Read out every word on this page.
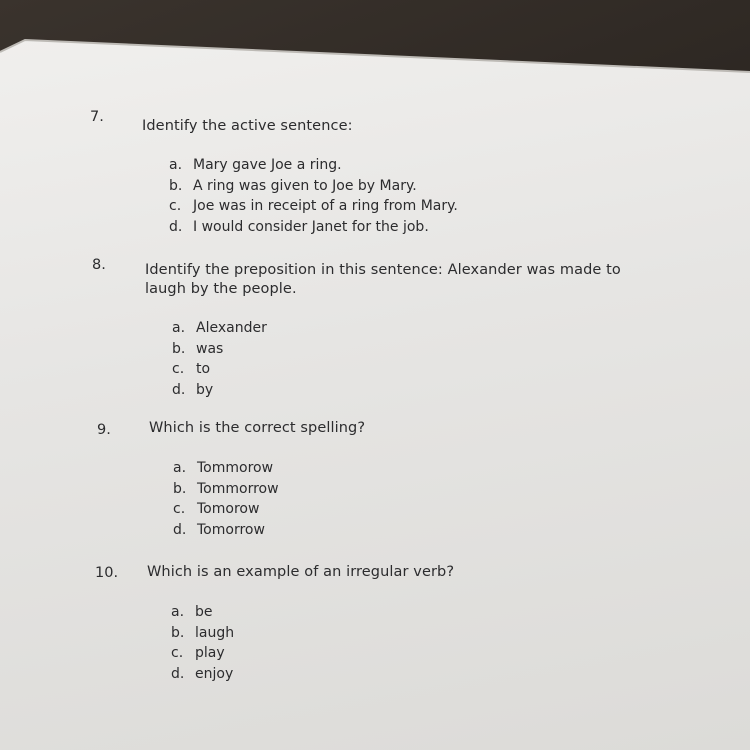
7.
Identify the active sentence:
a. Mary gave Joe a ring.
b. A ring was given to Joe by Mary.
c. Joe was in receipt of a ring from Mary.
d. I would consider Janet for the job.
8.	Identify the preposition in this sentence: Alexander was made to laugh by the people.
a. Alexander
b. was
c. to
d. by
9.	Which is the correct spelling?
a. Tommorow
b. Tommorrow
c. Tomorow
d. Tomorrow
10. Which is an example of an irregular verb?
a. be
b. laugh
c. play
d. enjoy
